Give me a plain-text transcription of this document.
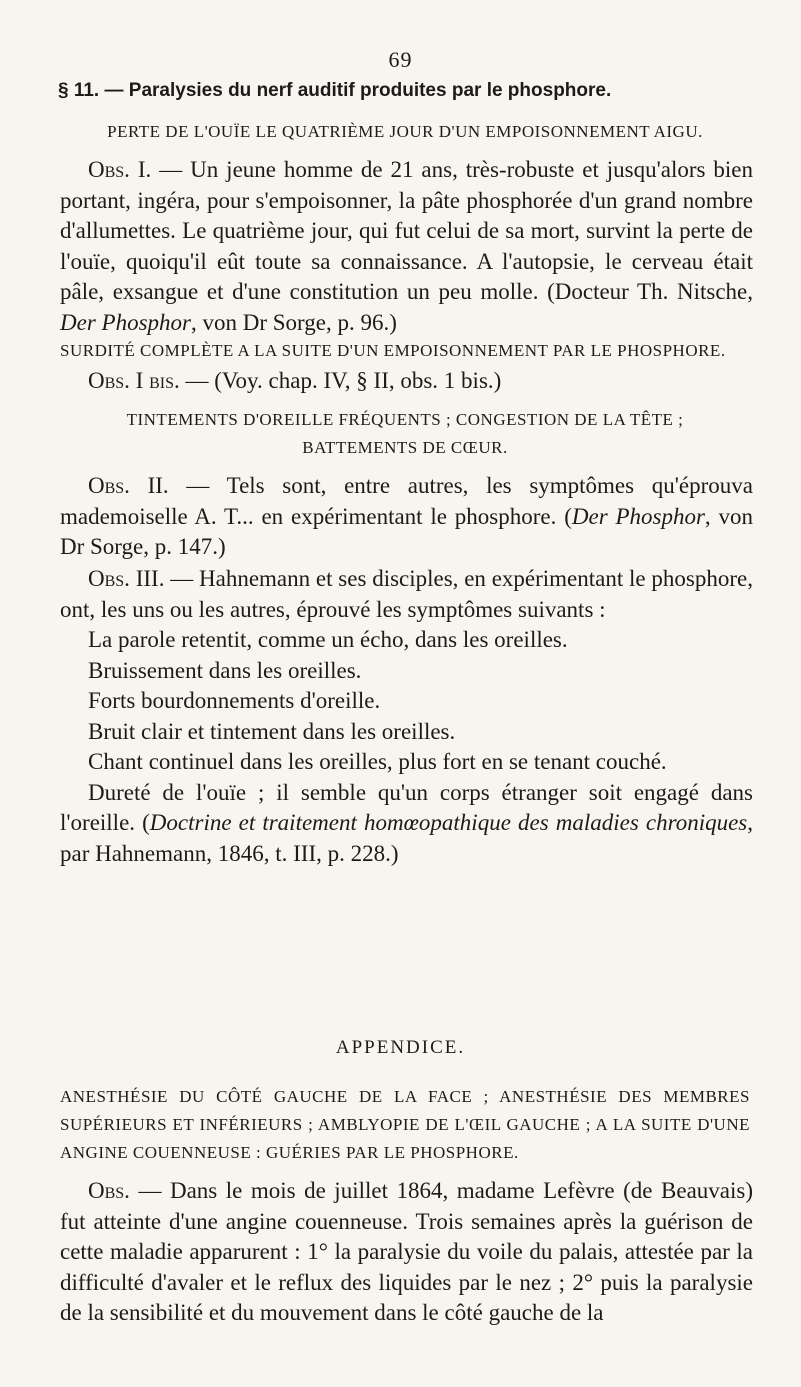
69
§ 11. — Paralysies du nerf auditif produites par le phosphore.
PERTE DE L'OUÏE LE QUATRIÈME JOUR D'UN EMPOISONNEMENT AIGU.

Obs. I. — Un jeune homme de 21 ans, très-robuste et jusqu'alors bien portant, ingéra, pour s'empoisonner, la pâte phosphorée d'un grand nombre d'allumettes. Le quatrième jour, qui fut celui de sa mort, survint la perte de l'ouïe, quoiqu'il eût toute sa connaissance. A l'autopsie, le cerveau était pâle, exsangue et d'une constitution un peu molle. (Docteur Th. Nitsche, Der Phosphor, von Dr Sorge, p. 96.)

SURDITÉ COMPLÈTE A LA SUITE D'UN EMPOISONNEMENT PAR LE PHOSPHORE.

Obs. I bis. — (Voy. chap. IV, § II, obs. 1 bis.)

TINTEMENTS D'OREILLE FRÉQUENTS ; CONGESTION DE LA TÊTE ; BATTEMENTS DE CŒUR.

Obs. II. — Tels sont, entre autres, les symptômes qu'éprouva mademoiselle A. T... en expérimentant le phosphore. (Der Phosphor, von Dr Sorge, p. 147.)

Obs. III. — Hahnemann et ses disciples, en expérimentant le phosphore, ont, les uns ou les autres, éprouvé les symptômes suivants :

La parole retentit, comme un écho, dans les oreilles.

Bruissement dans les oreilles.

Forts bourdonnements d'oreille.

Bruit clair et tintement dans les oreilles.

Chant continuel dans les oreilles, plus fort en se tenant couché.

Dureté de l'ouïe ; il semble qu'un corps étranger soit engagé dans l'oreille. (Doctrine et traitement homœopathique des maladies chroniques, par Hahnemann, 1846, t. III, p. 228.)

APPENDICE.
ANESTHÉSIE DU CÔTÉ GAUCHE DE LA FACE ; ANESTHÉSIE DES MEMBRES SUPÉRIEURS ET INFÉRIEURS ; AMBLYOPIE DE L'ŒIL GAUCHE ; A LA SUITE D'UNE ANGINE COUENNEUSE : GUÉRIES PAR LE PHOSPHORE.

Obs. — Dans le mois de juillet 1864, madame Lefèvre (de Beauvais) fut atteinte d'une angine couenneuse. Trois semaines après la guérison de cette maladie apparurent : 1° la paralysie du voile du palais, attestée par la difficulté d'avaler et le reflux des liquides par le nez ; 2° puis la paralysie de la sensibilité et du mouvement dans le côté gauche de la
